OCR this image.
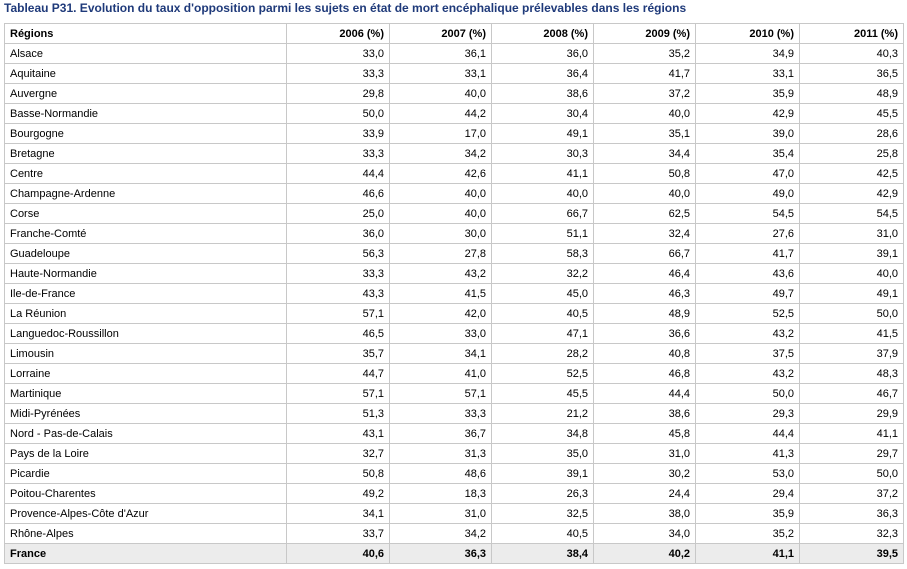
Tableau P31. Evolution du taux d'opposition parmi les sujets en état de mort encéphalique prélevables dans les régions
Régions	2006 (%)	2007 (%)	2008 (%)	2009 (%)	2010 (%)	2011 (%)
Alsace	33,0	36,1	36,0	35,2	34,9	40,3
Aquitaine	33,3	33,1	36,4	41,7	33,1	36,5
Auvergne	29,8	40,0	38,6	37,2	35,9	48,9
Basse-Normandie	50,0	44,2	30,4	40,0	42,9	45,5
Bourgogne	33,9	17,0	49,1	35,1	39,0	28,6
Bretagne	33,3	34,2	30,3	34,4	35,4	25,8
Centre	44,4	42,6	41,1	50,8	47,0	42,5
Champagne-Ardenne	46,6	40,0	40,0	40,0	49,0	42,9
Corse	25,0	40,0	66,7	62,5	54,5	54,5
Franche-Comté	36,0	30,0	51,1	32,4	27,6	31,0
Guadeloupe	56,3	27,8	58,3	66,7	41,7	39,1
Haute-Normandie	33,3	43,2	32,2	46,4	43,6	40,0
Ile-de-France	43,3	41,5	45,0	46,3	49,7	49,1
La Réunion	57,1	42,0	40,5	48,9	52,5	50,0
Languedoc-Roussillon	46,5	33,0	47,1	36,6	43,2	41,5
Limousin	35,7	34,1	28,2	40,8	37,5	37,9
Lorraine	44,7	41,0	52,5	46,8	43,2	48,3
Martinique	57,1	57,1	45,5	44,4	50,0	46,7
Midi-Pyrénées	51,3	33,3	21,2	38,6	29,3	29,9
Nord - Pas-de-Calais	43,1	36,7	34,8	45,8	44,4	41,1
Pays de la Loire	32,7	31,3	35,0	31,0	41,3	29,7
Picardie	50,8	48,6	39,1	30,2	53,0	50,0
Poitou-Charentes	49,2	18,3	26,3	24,4	29,4	37,2
Provence-Alpes-Côte d'Azur	34,1	31,0	32,5	38,0	35,9	36,3
Rhône-Alpes	33,7	34,2	40,5	34,0	35,2	32,3
France	40,6	36,3	38,4	40,2	41,1	39,5
